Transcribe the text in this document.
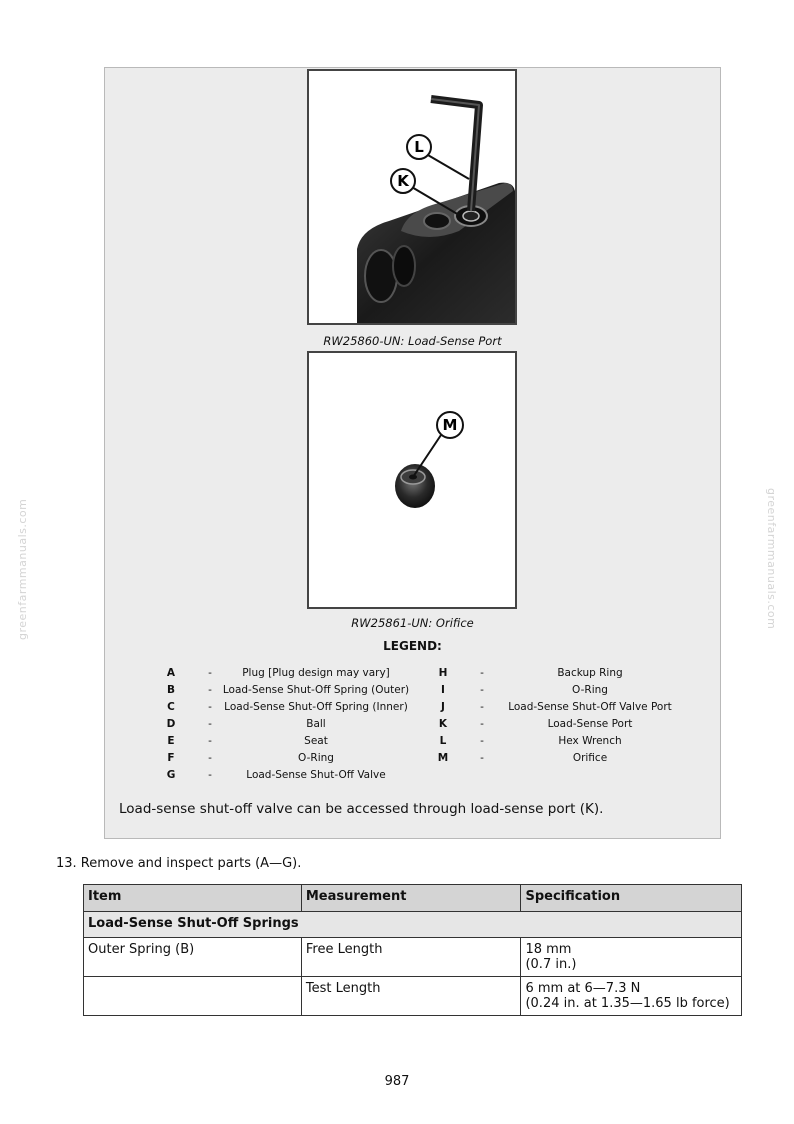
greenfarmmanuals.com	greenfarmmanuals.com
L
K
RW25860-UN: Load-Sense Port
M
RW25861-UN: Orifice
LEGEND:
A	-	Plug [Plug design may vary]
B	- Load-Sense Shut-Off Spring (Outer)
C	-	Load-Sense Shut-Off Spring (Inner)
D	-	Ball
E	-	Seat
F	-	O-Ring
G	-	Load-Sense Shut-Off Valve
H	-	Backup Ring
I	-	O-Ring
J	-	Load-Sense Shut-Off Valve Port
K	-	Load-Sense Port
L	-	Hex Wrench
M	-	Orifice
Load-sense shut-off valve can be accessed through load-sense port (K).
13. Remove and inspect parts (A—G).
Item	Measurement	Specification
Load-Sense Shut-Off Springs		
Outer Spring (B)	Free Length	18 mm
(0.7 in.)

	Test Length	6 mm at 6—7.3 N
(0.24 in. at 1.35—1.65 lb force)
987
